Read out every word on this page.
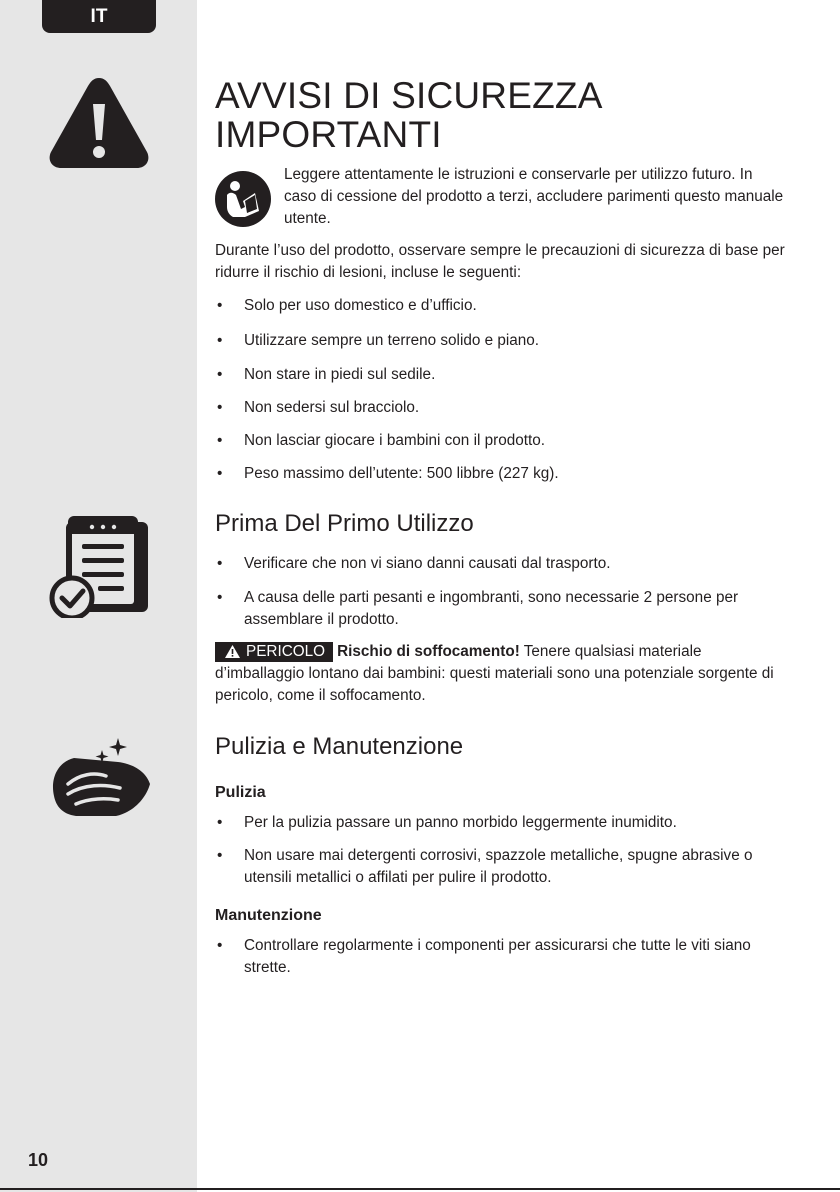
IT
AVVISI DI SICUREZZA
IMPORTANTI
Leggere attentamente le istruzioni e conservarle per utilizzo futuro. In caso di cessione del prodotto a terzi, accludere parimenti questo manuale utente.
Durante l’uso del prodotto, osservare sempre le precauzioni di sicurezza di base per ridurre il rischio di lesioni, incluse le seguenti:
• Solo per uso domestico e d’ufficio.
• Utilizzare sempre un terreno solido e piano.
• Non stare in piedi sul sedile.
• Non sedersi sul bracciolo.
• Non lasciar giocare i bambini con il prodotto.
• Peso massimo dell’utente: 500 libbre (227 kg).
Prima Del Primo Utilizzo
• Verificare che non vi siano danni causati dal trasporto.
• A causa delle parti pesanti e ingombranti, sono necessarie 2 persone per assemblare il prodotto.
PERICOLO Rischio di soffocamento! Tenere qualsiasi materiale d’imballaggio lontano dai bambini: questi materiali sono una potenziale sorgente di pericolo, come il soffocamento.
Pulizia e Manutenzione
Pulizia
• Per la pulizia passare un panno morbido leggermente inumidito.
• Non usare mai detergenti corrosivi, spazzole metalliche, spugne abrasive o utensili metallici o affilati per pulire il prodotto.
Manutenzione
• Controllare regolarmente i componenti per assicurarsi che tutte le viti siano strette.
10
